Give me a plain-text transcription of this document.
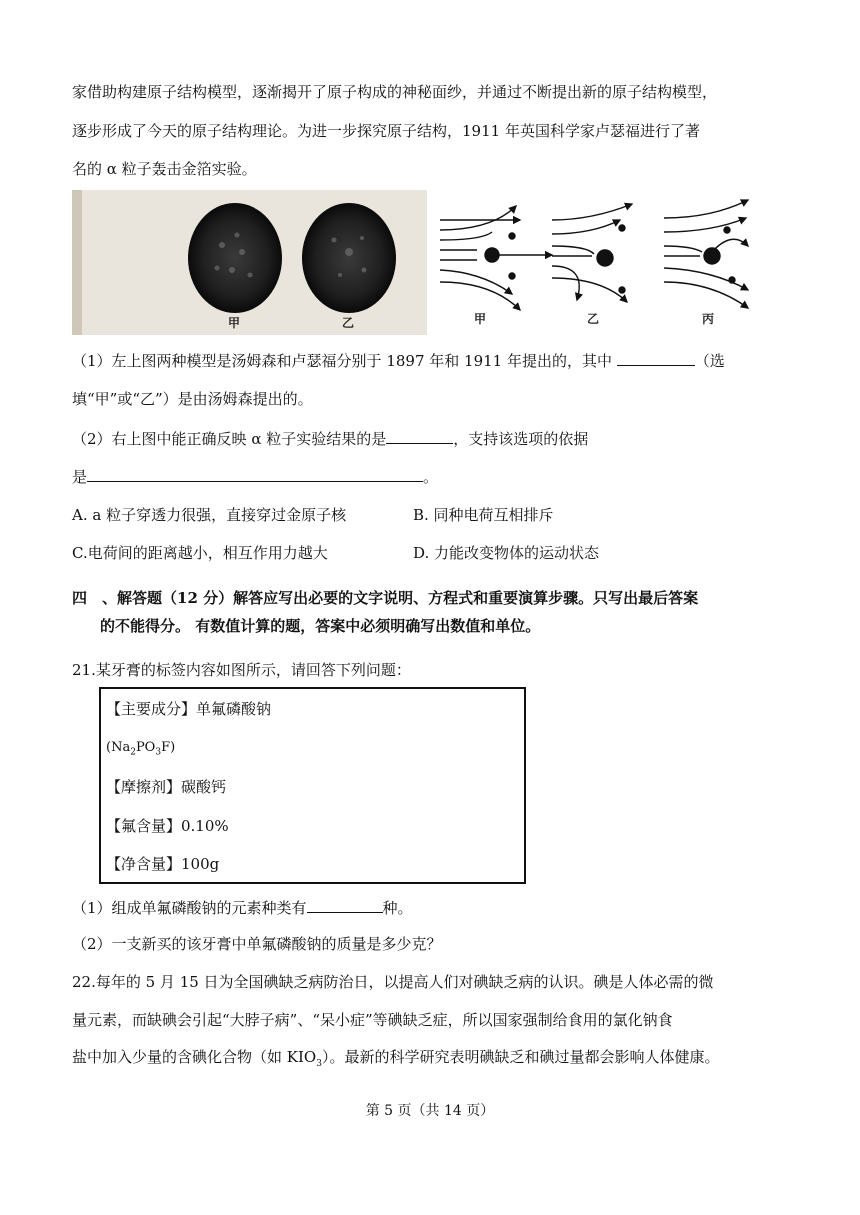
家借助构建原子结构模型，逐渐揭开了原子构成的神秘面纱，并通过不断提出新的原子结构模型，
逐步形成了今天的原子结构理论。为进一步探究原子结构，1911 年英国科学家卢瑟福进行了著
名的 α 粒子轰击金箔实验。
甲	乙	甲	乙	丙
（1）左上图两种模型是汤姆森和卢瑟福分别于 1897 年和 1911 年提出的，其中	（选
填“甲”或“乙”）是由汤姆森提出的。
（2）右上图中能正确反映 α 粒子实验结果的是	，支持该选项的依据
是	。
A. a 粒子穿透力很强，直接穿过金原子核	B. 同种电荷互相排斥
C.电荷间的距离越小，相互作用力越大	D. 力能改变物体的运动状态
四　、解答题（12 分）解答应写出必要的文字说明、方程式和重要演算步骤。只写出最后答案
的不能得分。 有数值计算的题，答案中必须明确写出数值和单位。
21.某牙膏的标签内容如图所示，请回答下列问题：
【主要成分】单氟磷酸钠
$(Na_2PO_3F)$
【摩擦剂】碳酸钙
【氟含量】0.10%
【净含量】100g
（1）组成单氟磷酸钠的元素种类有	种。
（2）一支新买的该牙膏中单氟磷酸钠的质量是多少克？
22.每年的 5 月 15 日为全国碘缺乏病防治日，以提高人们对碘缺乏病的认识。碘是人体必需的微
量元素，而缺碘会引起“大脖子病”、“呆小症”等碘缺乏症，所以国家强制给食用的氯化钠食
盐中加入少量的含碘化合物（如 $KIO_3$）。最新的科学研究表明碘缺乏和碘过量都会影响人体健康。
第 5 页（共 14 页）
